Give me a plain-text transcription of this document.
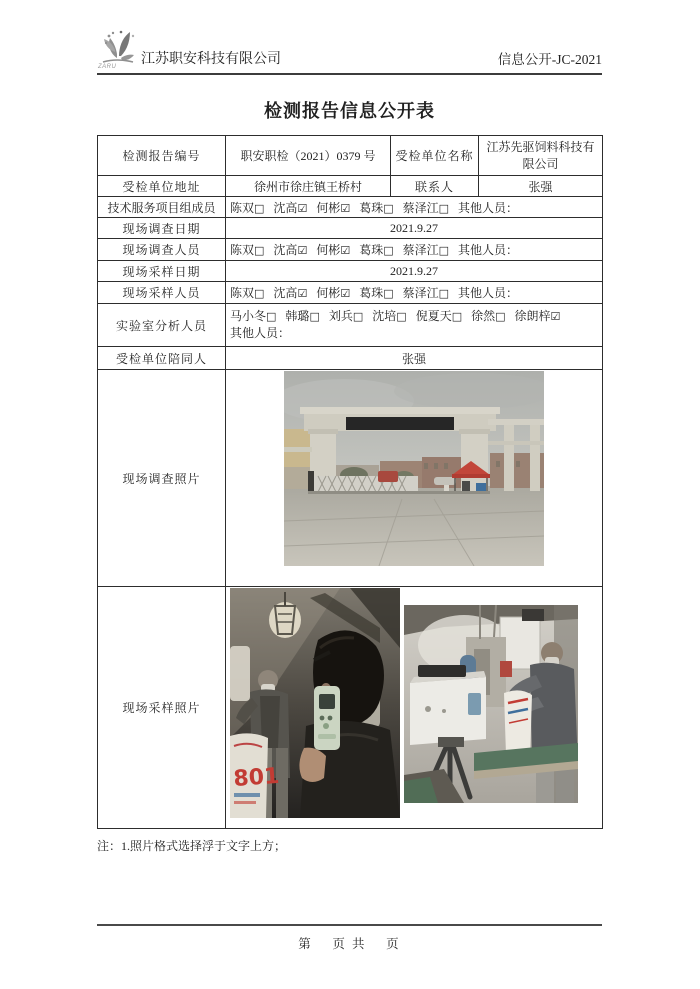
ZARU 江苏职安科技有限公司	信息公开-JC-2021
检测报告信息公开表
检测报告编号	职安职检（2021）0379 号	受检单位名称	江苏先驱饲料科技有限公司
受检单位地址	徐州市徐庄镇王桥村	联系人	张强
技术服务项目组成员	陈双□ 沈高☑ 何彬☑ 葛珠□ 蔡泽江□ 其他人员：		
现场调查日期	2021.9.27		
现场调查人员	陈双□ 沈高☑ 何彬☑ 葛珠□ 蔡泽江□ 其他人员：		
现场采样日期	2021.9.27		
现场采样人员	陈双□ 沈高☑ 何彬☑ 葛珠□ 蔡泽江□ 其他人员：		
实验室分析人员	马小冬□ 韩璐□ 刘兵□ 沈培□ 倪夏天□ 徐然□ 徐朗梓☑
其他人员：		

受检单位陪同人	张强		
现场调查照片	
现场采样照片	801		
注：1.照片格式选择浮于文字上方；
第　 页 共 　页
